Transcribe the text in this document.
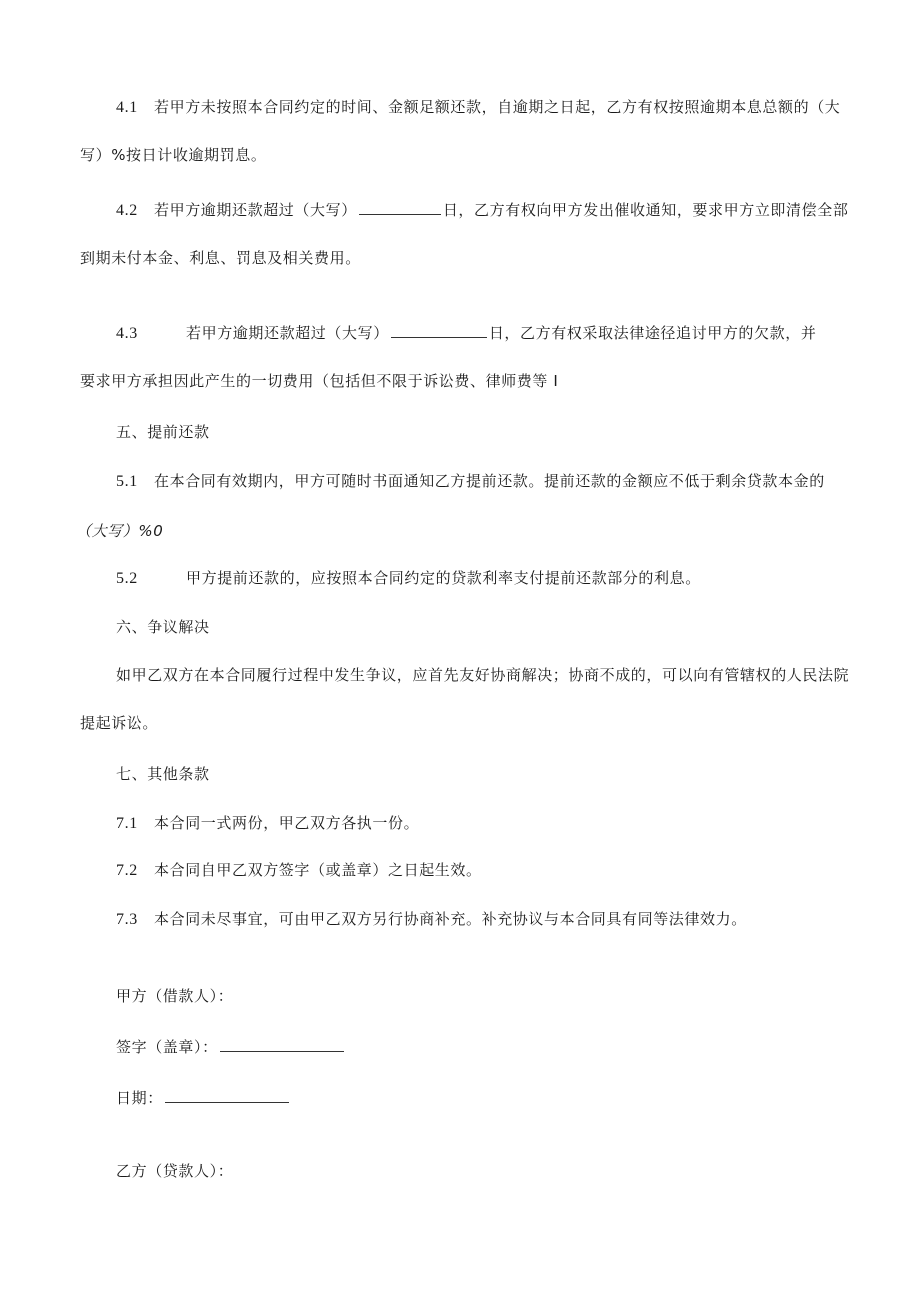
4.1 若甲方未按照本合同约定的时间、金额足额还款，自逾期之日起，乙方有权按照逾期本息总额的（大
写）%按日计收逾期罚息。
4.2 若甲方逾期还款超过（大写）	日，乙方有权向甲方发出催收通知，要求甲方立即清偿全部
到期未付本金、利息、罚息及相关费用。
4.3	若甲方逾期还款超过（大写）	日，乙方有权采取法律途径追讨甲方的欠款，并
要求甲方承担因此产生的一切费用（包括但不限于诉讼费、律师费等 I
五、提前还款
5.1 在本合同有效期内，甲方可随时书面通知乙方提前还款。提前还款的金额应不低于剩余贷款本金的
（大写）%0
5.2	甲方提前还款的，应按照本合同约定的贷款利率支付提前还款部分的利息。
六、争议解决
如甲乙双方在本合同履行过程中发生争议，应首先友好协商解决；协商不成的，可以向有管辖权的人民法院
提起诉讼。
七、其他条款
7.1 本合同一式两份，甲乙双方各执一份。
7.2 本合同自甲乙双方签字（或盖章）之日起生效。
7.3 本合同未尽事宜，可由甲乙双方另行协商补充。补充协议与本合同具有同等法律效力。
甲方（借款人）：
签字（盖章）：
日期：
乙方（贷款人）：
